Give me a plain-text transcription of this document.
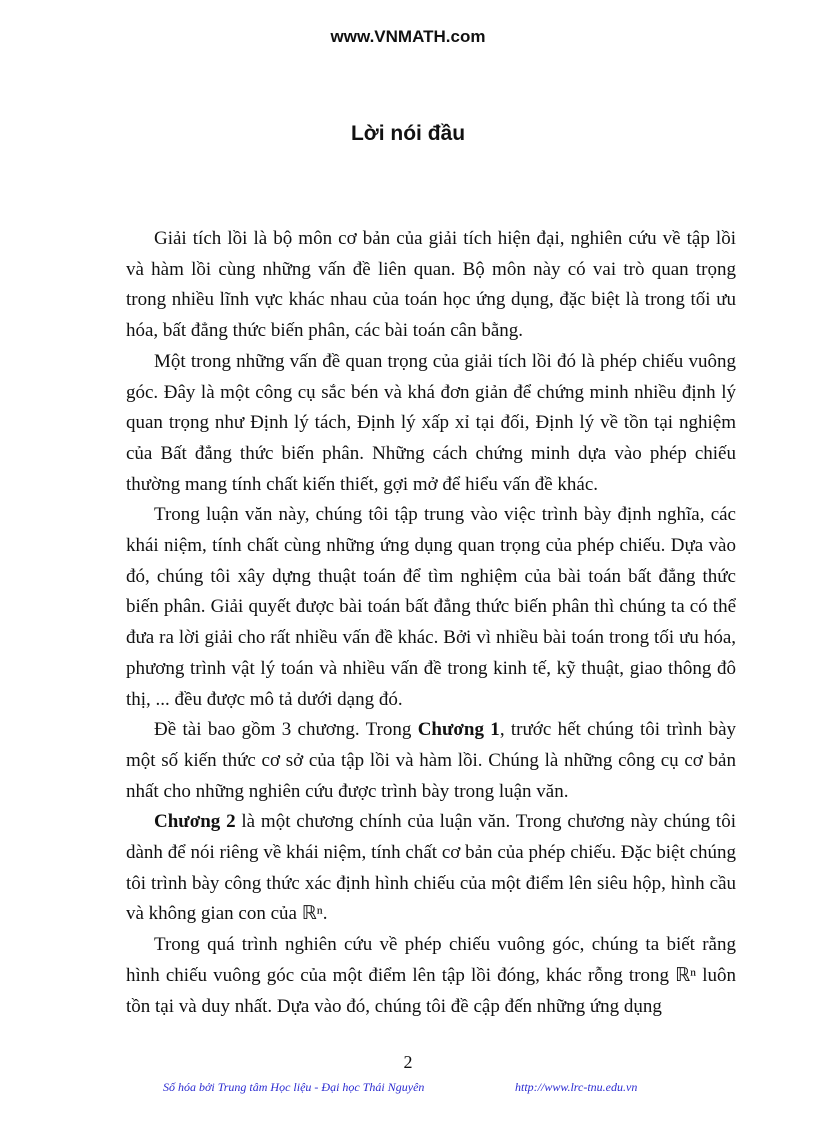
www.VNMATH.com
Lời nói đầu

Giải tích lồi là bộ môn cơ bản của giải tích hiện đại, nghiên cứu về tập lồi và hàm lồi cùng những vấn đề liên quan. Bộ môn này có vai trò quan trọng trong nhiều lĩnh vực khác nhau của toán học ứng dụng, đặc biệt là trong tối ưu hóa, bất đẳng thức biến phân, các bài toán cân bằng.

Một trong những vấn đề quan trọng của giải tích lồi đó là phép chiếu vuông góc. Đây là một công cụ sắc bén và khá đơn giản để chứng minh nhiều định lý quan trọng như Định lý tách, Định lý xấp xỉ tại đối, Định lý về tồn tại nghiệm của Bất đẳng thức biến phân. Những cách chứng minh dựa vào phép chiếu thường mang tính chất kiến thiết, gợi mở để hiểu vấn đề khác.

Trong luận văn này, chúng tôi tập trung vào việc trình bày định nghĩa, các khái niệm, tính chất cùng những ứng dụng quan trọng của phép chiếu. Dựa vào đó, chúng tôi xây dựng thuật toán để tìm nghiệm của bài toán bất đẳng thức biến phân. Giải quyết được bài toán bất đẳng thức biến phân thì chúng ta có thể đưa ra lời giải cho rất nhiều vấn đề khác. Bởi vì nhiều bài toán trong tối ưu hóa, phương trình vật lý toán và nhiều vấn đề trong kinh tế, kỹ thuật, giao thông đô thị, ... đều được mô tả dưới dạng đó.

Đề tài bao gồm 3 chương. Trong Chương 1, trước hết chúng tôi trình bày một số kiến thức cơ sở của tập lồi và hàm lồi. Chúng là những công cụ cơ bản nhất cho những nghiên cứu được trình bày trong luận văn.

Chương 2 là một chương chính của luận văn. Trong chương này chúng tôi dành để nói riêng về khái niệm, tính chất cơ bản của phép chiếu. Đặc biệt chúng tôi trình bày công thức xác định hình chiếu của một điểm lên siêu hộp, hình cầu và không gian con của ℝⁿ.

Trong quá trình nghiên cứu về phép chiếu vuông góc, chúng ta biết rằng hình chiếu vuông góc của một điểm lên tập lồi đóng, khác rỗng trong ℝⁿ luôn tồn tại và duy nhất. Dựa vào đó, chúng tôi đề cập đến những ứng dụng

2
Số hóa bởi Trung tâm Học liệu - Đại học Thái Nguyên	http://www.lrc-tnu.edu.vn
